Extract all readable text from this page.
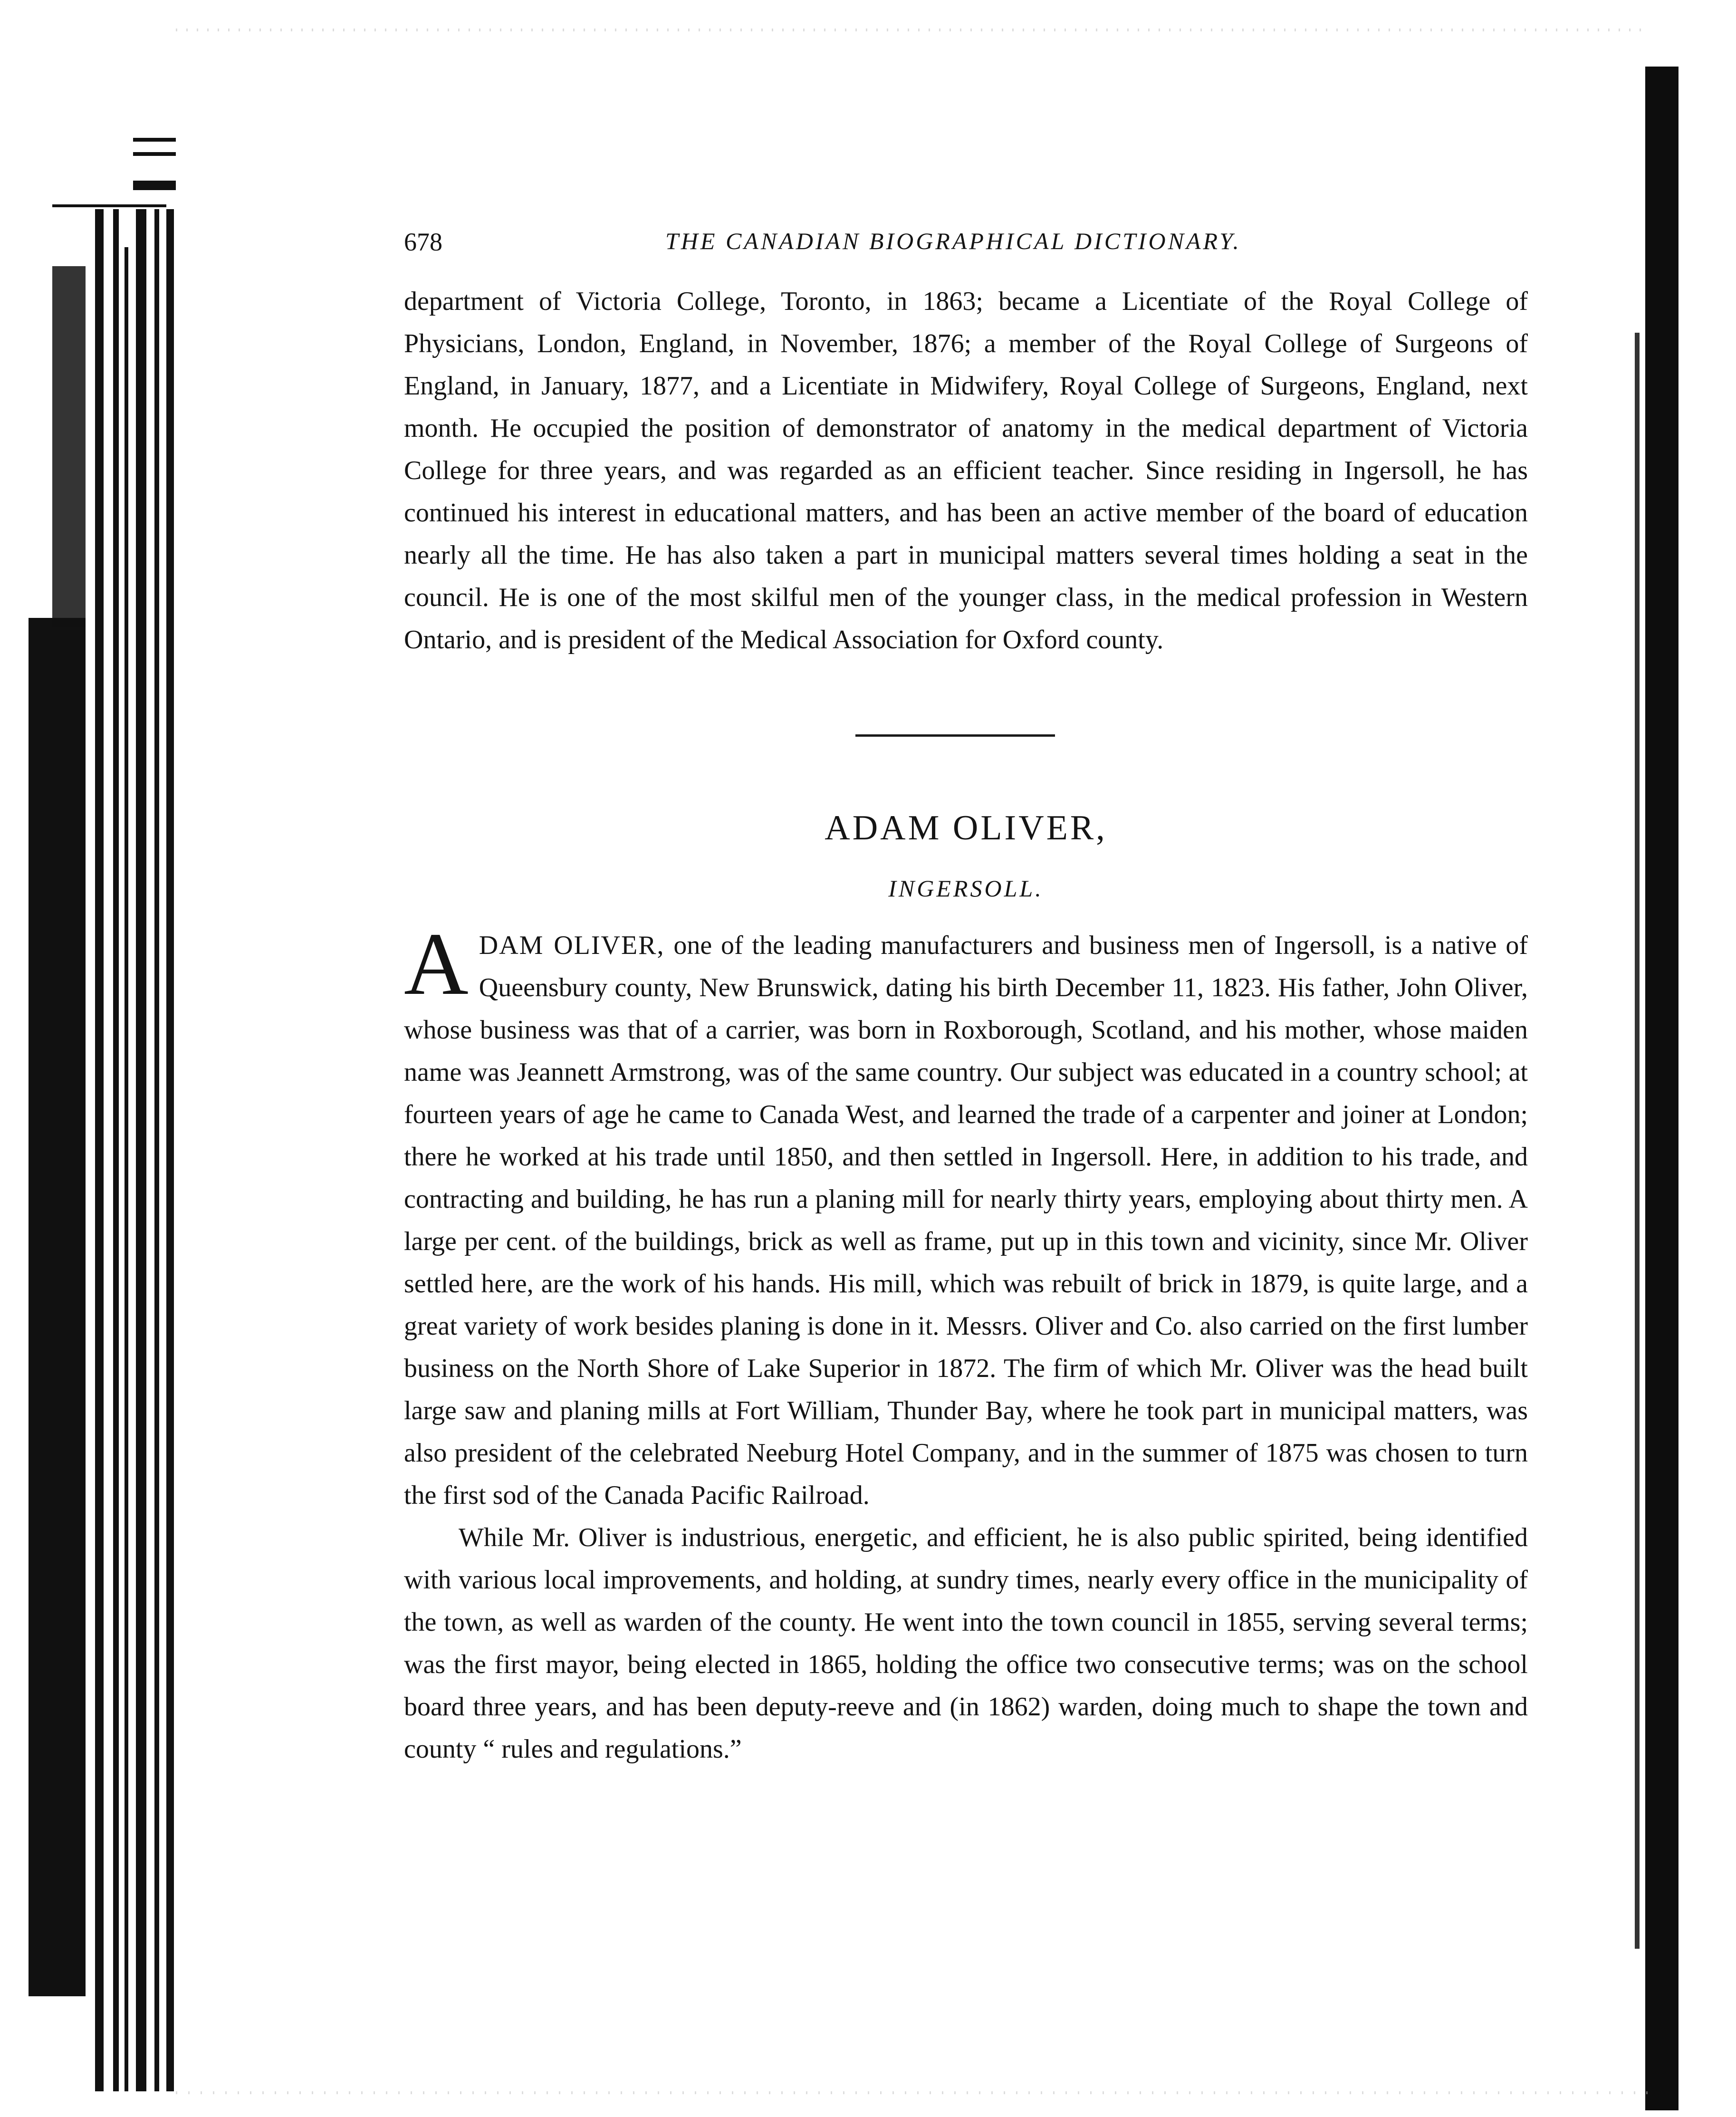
678	THE CANADIAN BIOGRAPHICAL DICTIONARY.

department of Victoria College, Toronto, in 1863; became a Licentiate of the Royal College of Physicians, London, England, in November, 1876; a member of the Royal College of Surgeons of England, in January, 1877, and a Licentiate in Midwifery, Royal College of Surgeons, England, next month. He occupied the position of demonstrator of anatomy in the medical department of Victoria College for three years, and was regarded as an efficient teacher. Since residing in Ingersoll, he has continued his interest in educational matters, and has been an active member of the board of education nearly all the time. He has also taken a part in municipal matters several times holding a seat in the council. He is one of the most skilful men of the younger class, in the medical profession in Western Ontario, and is president of the Medical Association for Oxford county.

ADAM OLIVER,
INGERSOLL.

ADAM OLIVER, one of the leading manufacturers and business men of Ingersoll, is a native of Queensbury county, New Brunswick, dating his birth December 11, 1823. His father, John Oliver, whose business was that of a carrier, was born in Roxborough, Scotland, and his mother, whose maiden name was Jeannett Armstrong, was of the same country. Our subject was educated in a country school; at fourteen years of age he came to Canada West, and learned the trade of a carpenter and joiner at London; there he worked at his trade until 1850, and then settled in Ingersoll. Here, in addition to his trade, and contracting and building, he has run a planing mill for nearly thirty years, employing about thirty men. A large per cent. of the buildings, brick as well as frame, put up in this town and vicinity, since Mr. Oliver settled here, are the work of his hands. His mill, which was rebuilt of brick in 1879, is quite large, and a great variety of work besides planing is done in it. Messrs. Oliver and Co. also carried on the first lumber business on the North Shore of Lake Superior in 1872. The firm of which Mr. Oliver was the head built large saw and planing mills at Fort William, Thunder Bay, where he took part in municipal matters, was also president of the celebrated Neeburg Hotel Company, and in the summer of 1875 was chosen to turn the first sod of the Canada Pacific Railroad.

While Mr. Oliver is industrious, energetic, and efficient, he is also public spirited, being identified with various local improvements, and holding, at sundry times, nearly every office in the municipality of the town, as well as warden of the county. He went into the town council in 1855, serving several terms; was the first mayor, being elected in 1865, holding the office two consecutive terms; was on the school board three years, and has been deputy-reeve and (in 1862) warden, doing much to shape the town and county “ rules and regulations.”
